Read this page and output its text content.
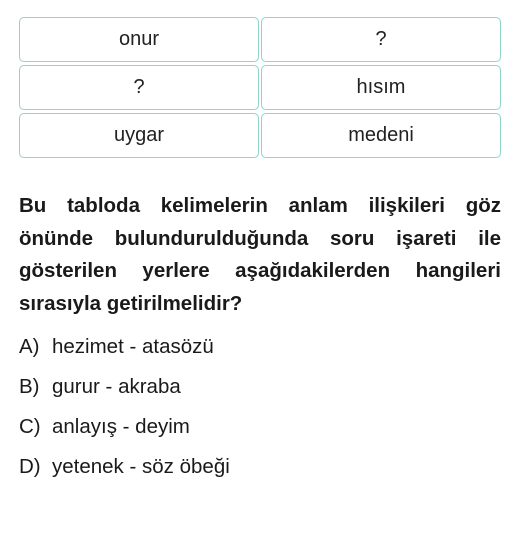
onur	?
?	hısım
uygar	medeni
Bu tabloda kelimelerin anlam ilişkileri göz önünde bulundurulduğunda soru işareti ile gösterilen yerlere aşağıdakilerden hangileri sırasıyla getirilmelidir?
A) hezimet - atasözü
B) gurur - akraba
C) anlayış - deyim
D) yetenek - söz öbeği
